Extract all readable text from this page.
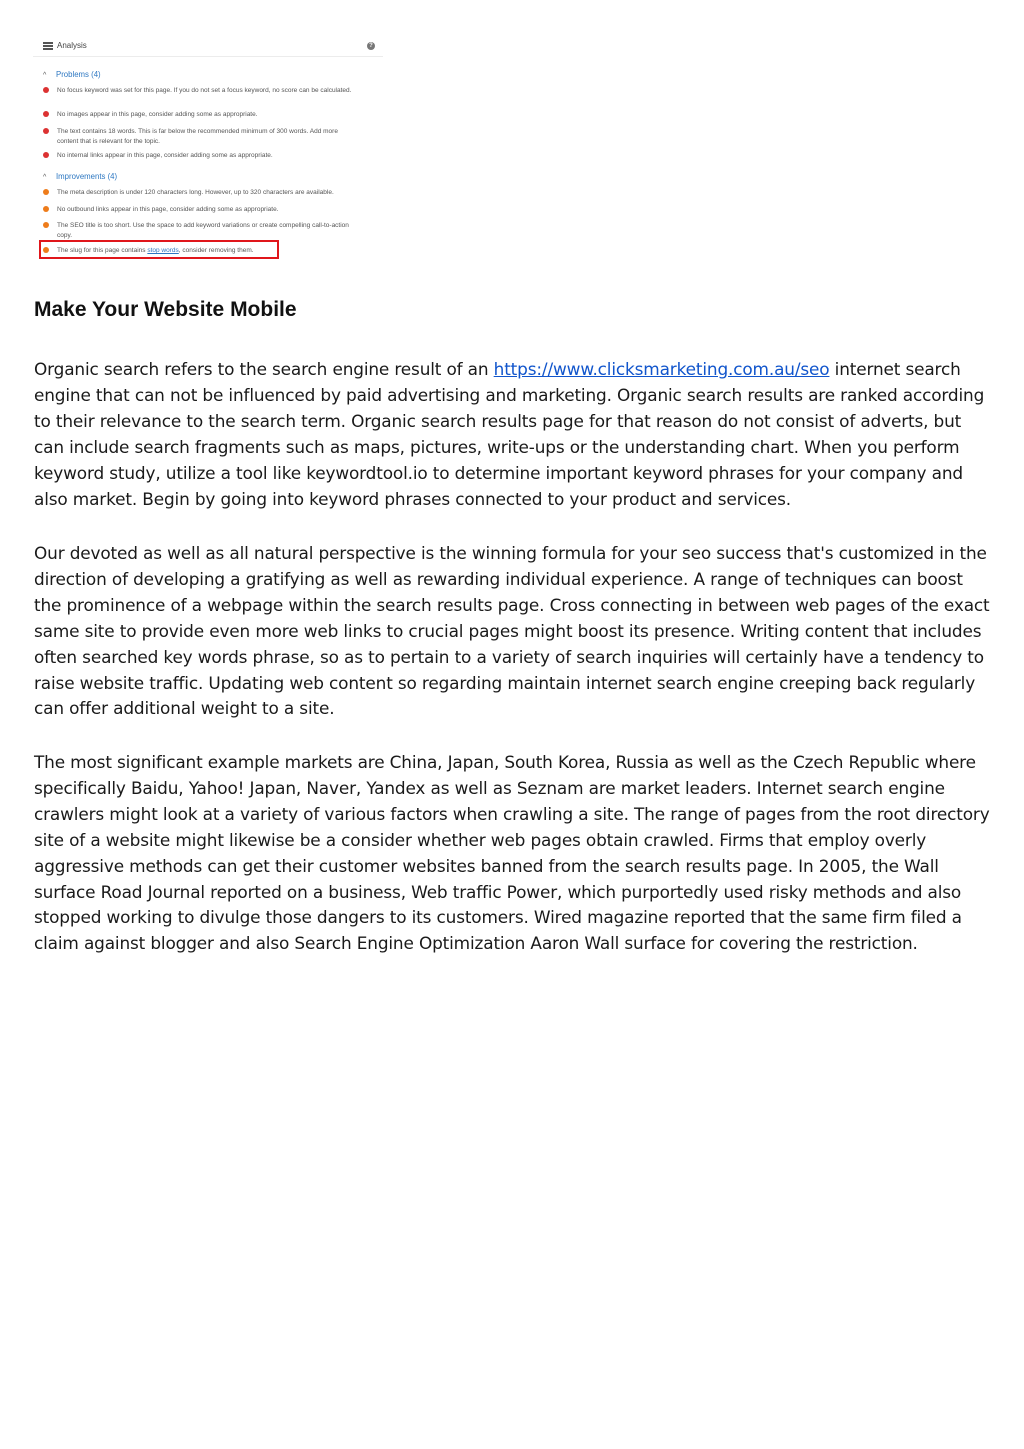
Analysis	?
^ Problems (4)
No focus keyword was set for this page. If you do not set a focus keyword, no score can be calculated.
No images appear in this page, consider adding some as appropriate.
The text contains 18 words. This is far below the recommended minimum of 300 words. Add more content that is relevant for the topic.
No internal links appear in this page, consider adding some as appropriate.
^ Improvements (4)
The meta description is under 120 characters long. However, up to 320 characters are available.
No outbound links appear in this page, consider adding some as appropriate.
The SEO title is too short. Use the space to add keyword variations or create compelling call-to-action copy.
The slug for this page contains stop words, consider removing them.
Make Your Website Mobile

Organic search refers to the search engine result of an https://www.clicksmarketing.com.au/seo internet search engine that can not be influenced by paid advertising and marketing. Organic search results are ranked according to their relevance to the search term. Organic search results page for that reason do not consist of adverts, but can include search fragments such as maps, pictures, write-ups or the understanding chart. When you perform keyword study, utilize a tool like keywordtool.io to determine important keyword phrases for your company and also market. Begin by going into keyword phrases connected to your product and services.

Our devoted as well as all natural perspective is the winning formula for your seo success that's customized in the direction of developing a gratifying as well as rewarding individual experience. A range of techniques can boost the prominence of a webpage within the search results page. Cross connecting in between web pages of the exact same site to provide even more web links to crucial pages might boost its presence. Writing content that includes often searched key words phrase, so as to pertain to a variety of search inquiries will certainly have a tendency to raise website traffic. Updating web content so regarding maintain internet search engine creeping back regularly can offer additional weight to a site.

The most significant example markets are China, Japan, South Korea, Russia as well as the Czech Republic where specifically Baidu, Yahoo! Japan, Naver, Yandex as well as Seznam are market leaders. Internet search engine crawlers might look at a variety of various factors when crawling a site. The range of pages from the root directory site of a website might likewise be a consider whether web pages obtain crawled. Firms that employ overly aggressive methods can get their customer websites banned from the search results page. In 2005, the Wall surface Road Journal reported on a business, Web traffic Power, which purportedly used risky methods and also stopped working to divulge those dangers to its customers. Wired magazine reported that the same firm filed a claim against blogger and also Search Engine Optimization Aaron Wall surface for covering the restriction.
